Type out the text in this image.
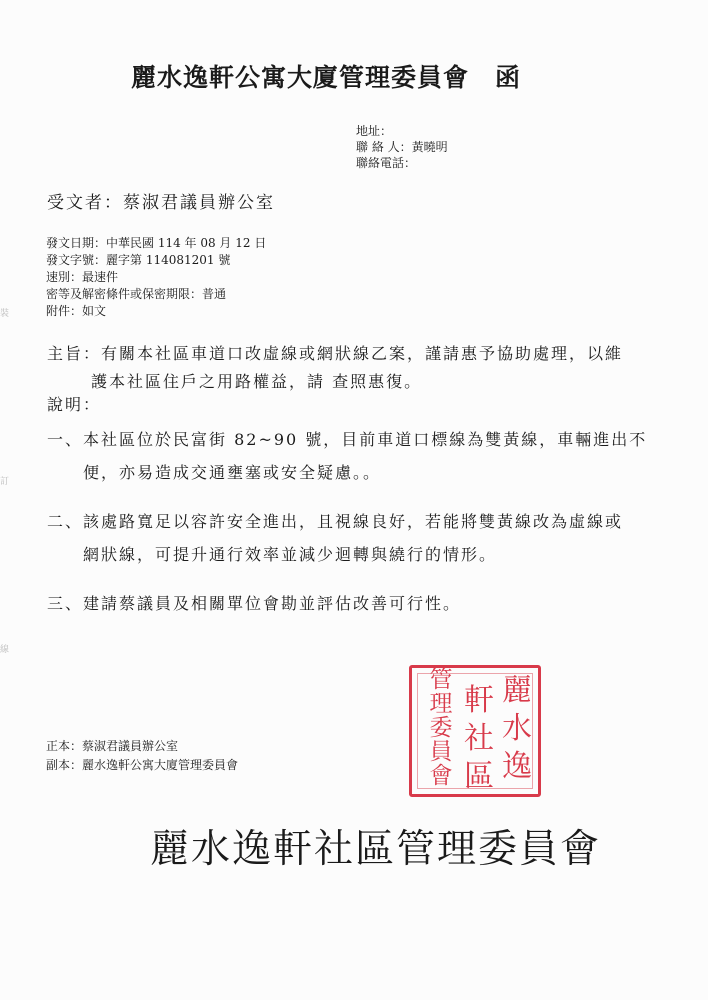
麗水逸軒公寓大廈管理委員會　函
地址：
聯 絡 人：黃曉明
聯絡電話：
受文者：蔡淑君議員辦公室
發文日期：中華民國 114 年 08 月 12 日
發文字號：麗字第 114081201 號
速別：最速件
密等及解密條件或保密期限：普通
附件：如文
主旨：有關本社區車道口改虛線或網狀線乙案，謹請惠予協助處理，以維
護本社區住戶之用路權益，請 查照惠復。
說明：
一、本社區位於民富街 82~90 號，目前車道口標線為雙黃線，車輛進出不
便，亦易造成交通壅塞或安全疑慮。。
二、該處路寬足以容許安全進出，且視線良好，若能將雙黃線改為虛線或
網狀線，可提升通行效率並減少迴轉與繞行的情形。
三、建請蔡議員及相關單位會勘並評估改善可行性。
麗
水
逸
軒
社
區
管
理
委
員
會
正本：蔡淑君議員辦公室
副本：麗水逸軒公寓大廈管理委員會
麗水逸軒社區管理委員會
裝
訂
線
